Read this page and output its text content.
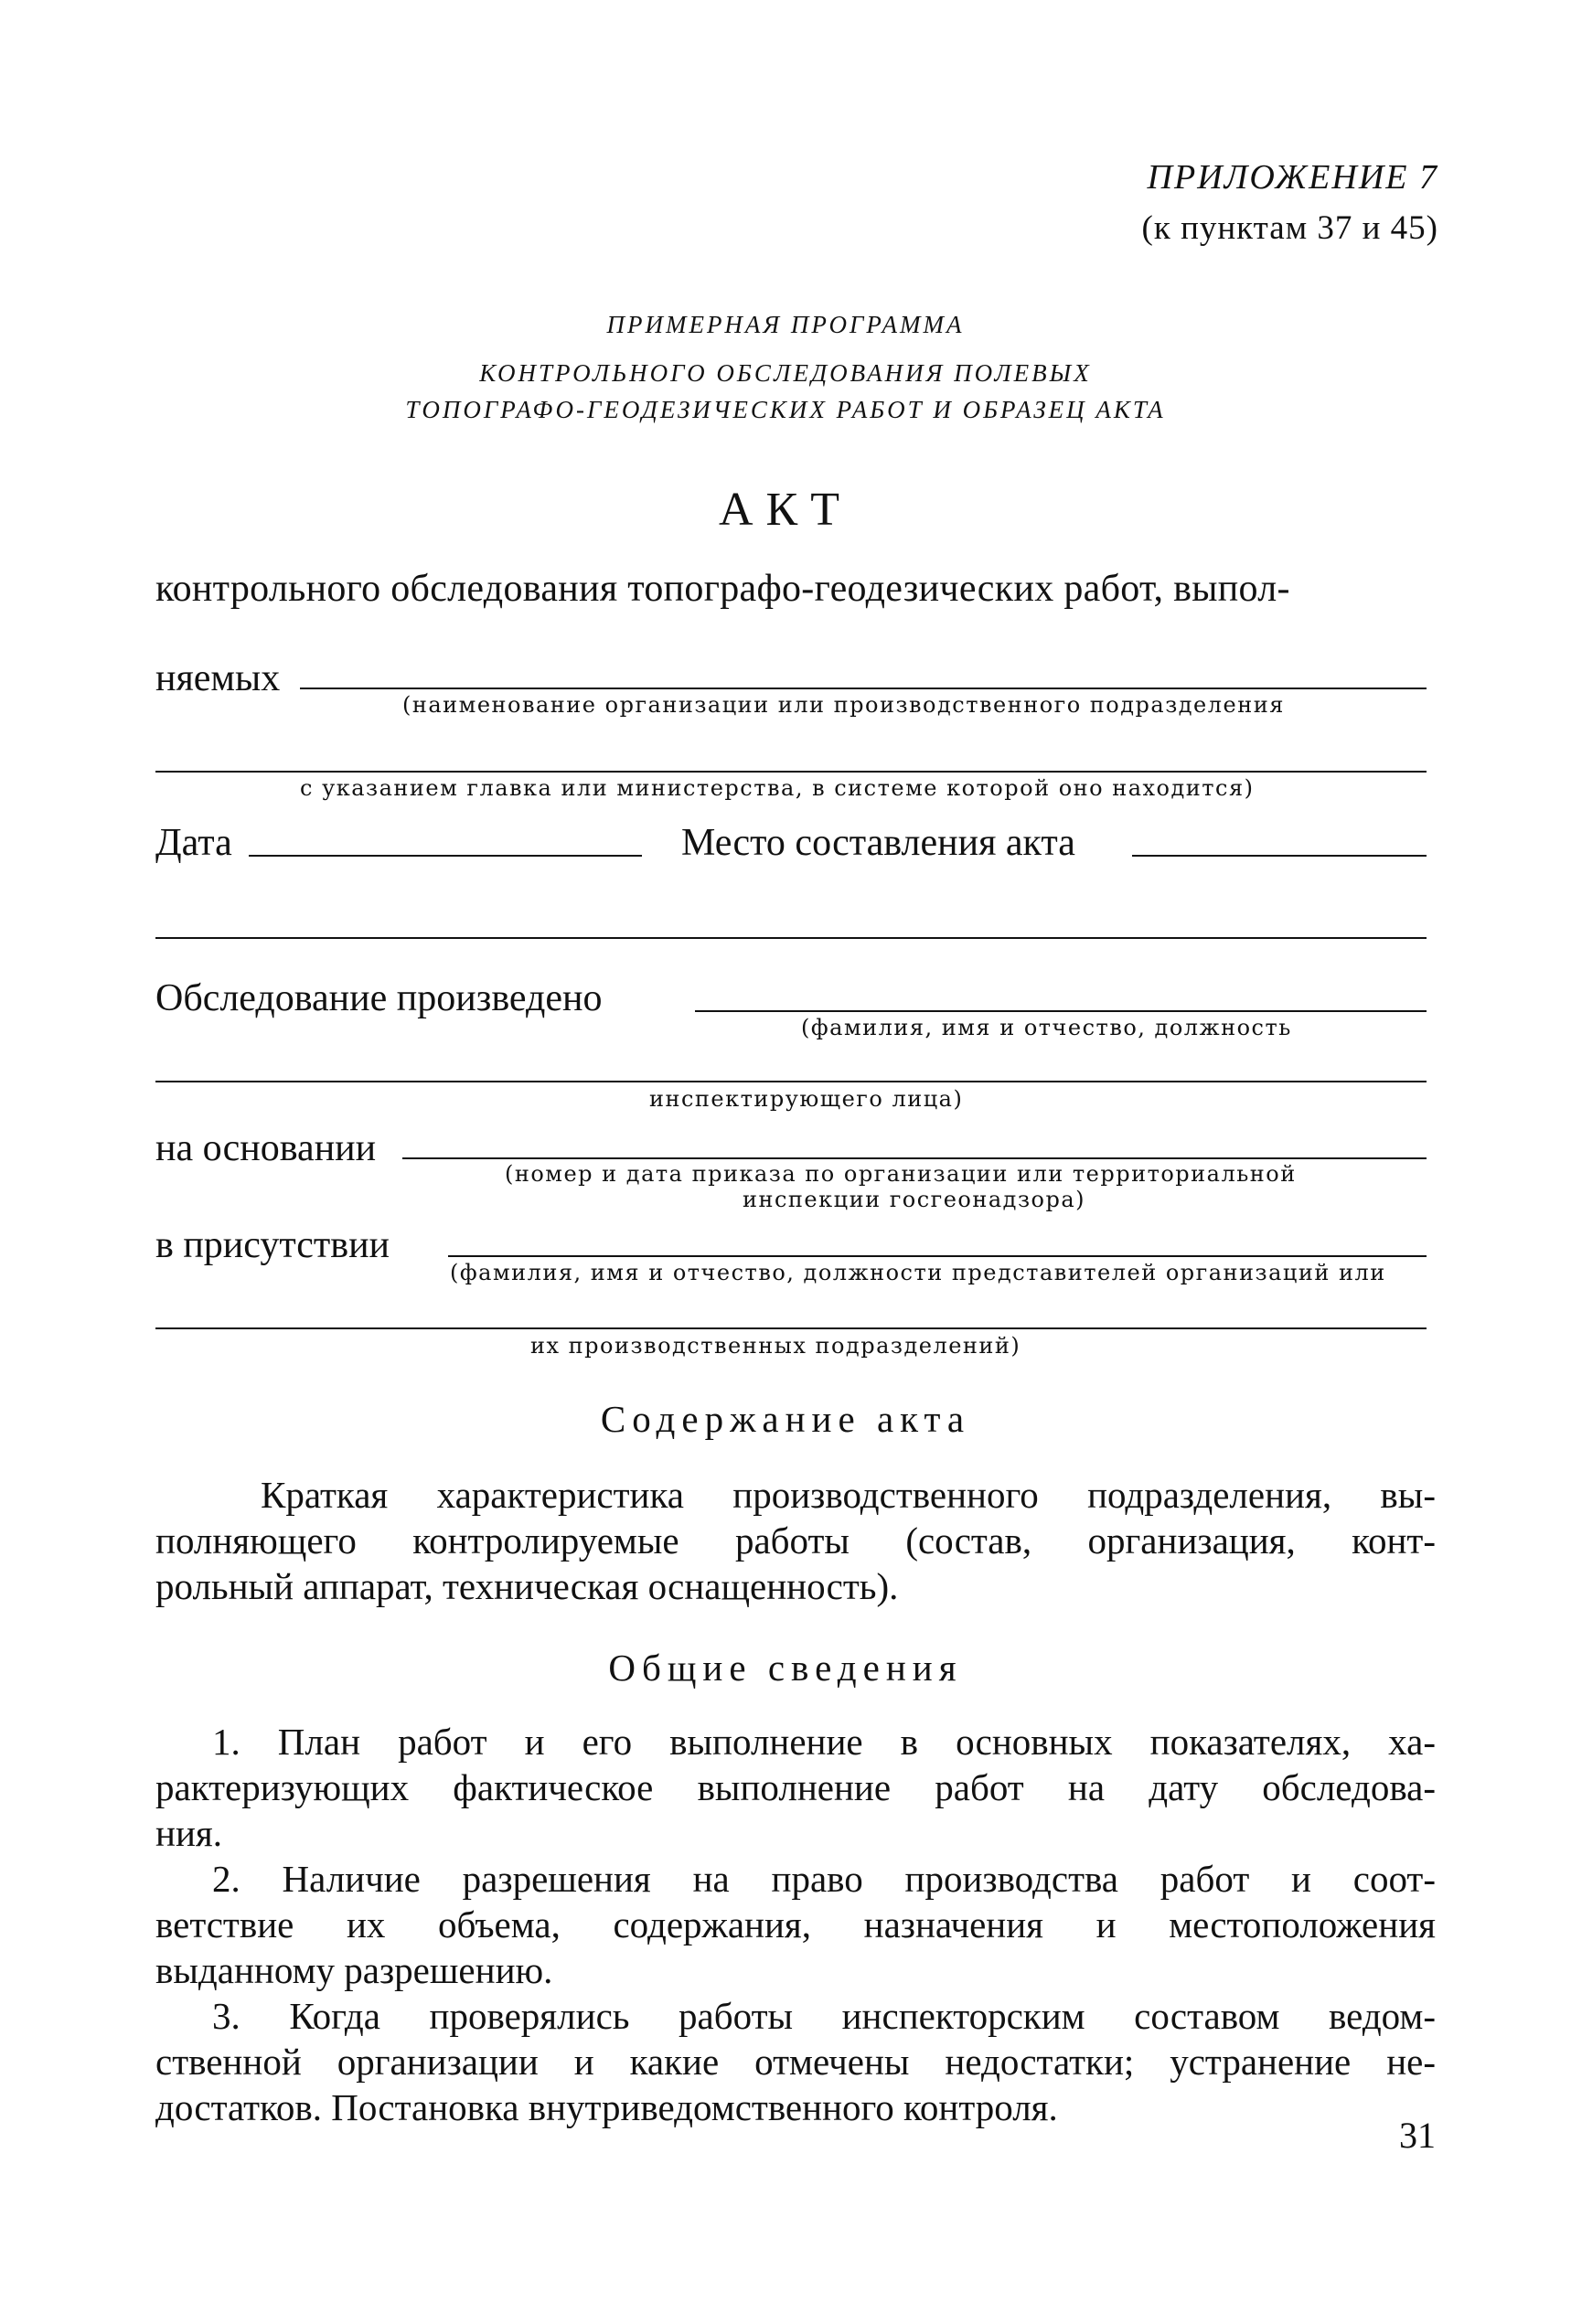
ПРИЛОЖЕНИЕ 7
(к пунктам 37 и 45)
ПРИМЕРНАЯ ПРОГРАММА
КОНТРОЛЬНОГО ОБСЛЕДОВАНИЯ ПОЛЕВЫХ
ТОПОГРАФО-ГЕОДЕЗИЧЕСКИХ РАБОТ И ОБРАЗЕЦ АКТА
АКТ
контрольного обследования топографо-геодезических работ, выпол-
няемых
(наименование организации или производственного подразделения
с указанием главка или министерства, в системе которой оно находится)
Дата	Место составления акта
Обследование произведено
(фамилия, имя и отчество, должность
инспектирующего лица)
на основании
(номер и дата приказа по организации или территориальной
инспекции госгеонадзора)
в присутствии
(фамилия, имя и отчество, должности представителей организаций или
их производственных подразделений)
Содержание акта
Краткая характеристика производственного подразделения, вы-
полняющего контролируемые работы (состав, организация, конт-
рольный аппарат, техническая оснащенность).
Общие сведения
1. План работ и его выполнение в основных показателях, ха-
рактеризующих фактическое выполнение работ на дату обследова-
ния.
2. Наличие разрешения на право производства работ и соот-
ветствие их объема, содержания, назначения и местоположения
выданному разрешению.
3. Когда проверялись работы инспекторским составом ведом-
ственной организации и какие отмечены недостатки; устранение не-
достатков. Постановка внутриведомственного контроля.
31
